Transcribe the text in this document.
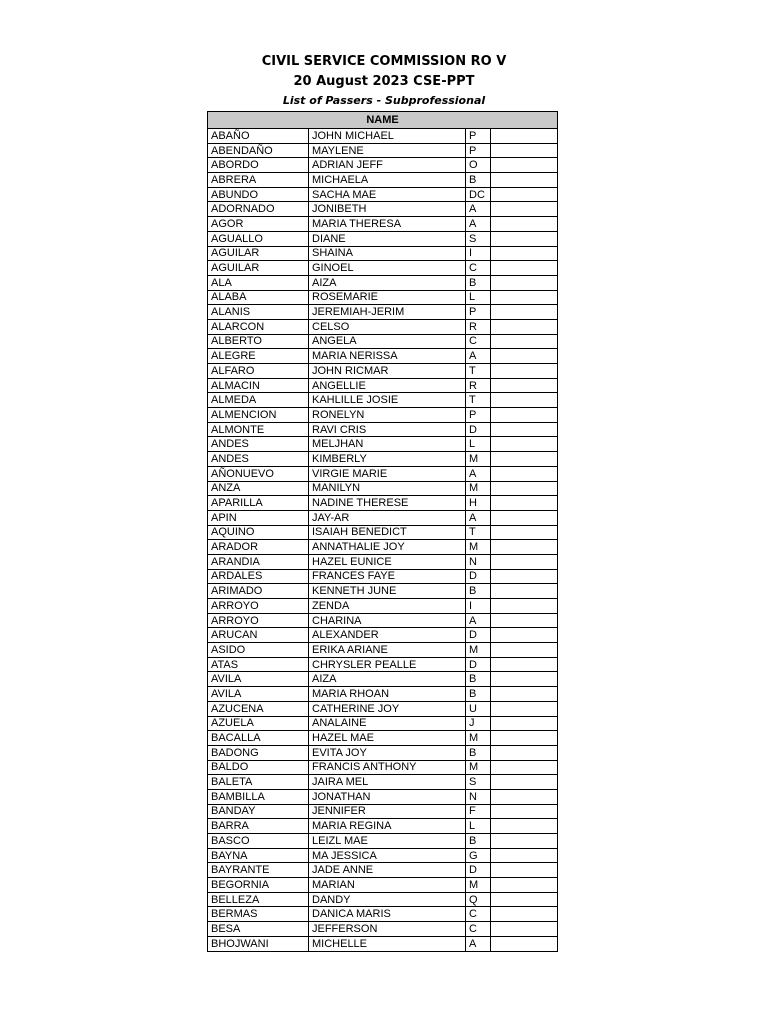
CIVIL SERVICE COMMISSION RO V
20 August 2023 CSE-PPT
List of Passers - Subprofessional
NAME			
ABAÑO	JOHN MICHAEL	P	
ABENDAÑO	MAYLENE	P	
ABORDO	ADRIAN JEFF	O	
ABRERA	MICHAELA	B	
ABUNDO	SACHA MAE	DC	
ADORNADO	JONIBETH	A	
AGOR	MARIA THERESA	A	
AGUALLO	DIANE	S	
AGUILAR	SHAINA	I	
AGUILAR	GINOEL	C	
ALA	AIZA	B	
ALABA	ROSEMARIE	L	
ALANIS	JEREMIAH-JERIM	P	
ALARCON	CELSO	R	
ALBERTO	ANGELA	C	
ALEGRE	MARIA NERISSA	A	
ALFARO	JOHN RICMAR	T	
ALMACIN	ANGELLIE	R	
ALMEDA	KAHLILLE JOSIE	T	
ALMENCION	RONELYN	P	
ALMONTE	RAVI CRIS	D	
ANDES	MELJHAN	L	
ANDES	KIMBERLY	M	
AÑONUEVO	VIRGIE MARIE	A	
ANZA	MANILYN	M	
APARILLA	NADINE THERESE	H	
APIN	JAY-AR	A	
AQUINO	ISAIAH BENEDICT	T	
ARADOR	ANNATHALIE JOY	M	
ARANDIA	HAZEL EUNICE	N	
ARDALES	FRANCES FAYE	D	
ARIMADO	KENNETH JUNE	B	
ARROYO	ZENDA	I	
ARROYO	CHARINA	A	
ARUCAN	ALEXANDER	D	
ASIDO	ERIKA ARIANE	M	
ATAS	CHRYSLER PEALLE	D	
AVILA	AIZA	B	
AVILA	MARIA RHOAN	B	
AZUCENA	CATHERINE JOY	U	
AZUELA	ANALAINE	J	
BACALLA	HAZEL MAE	M	
BADONG	EVITA JOY	B	
BALDO	FRANCIS ANTHONY	M	
BALETA	JAIRA MEL	S	
BAMBILLA	JONATHAN	N	
BANDAY	JENNIFER	F	
BARRA	MARIA REGINA	L	
BASCO	LEIZL MAE	B	
BAYNA	MA JESSICA	G	
BAYRANTE	JADE ANNE	D	
BEGORNIA	MARIAN	M	
BELLEZA	DANDY	Q	
BERMAS	DANICA MARIS	C	
BESA	JEFFERSON	C	
BHOJWANI	MICHELLE	A	
